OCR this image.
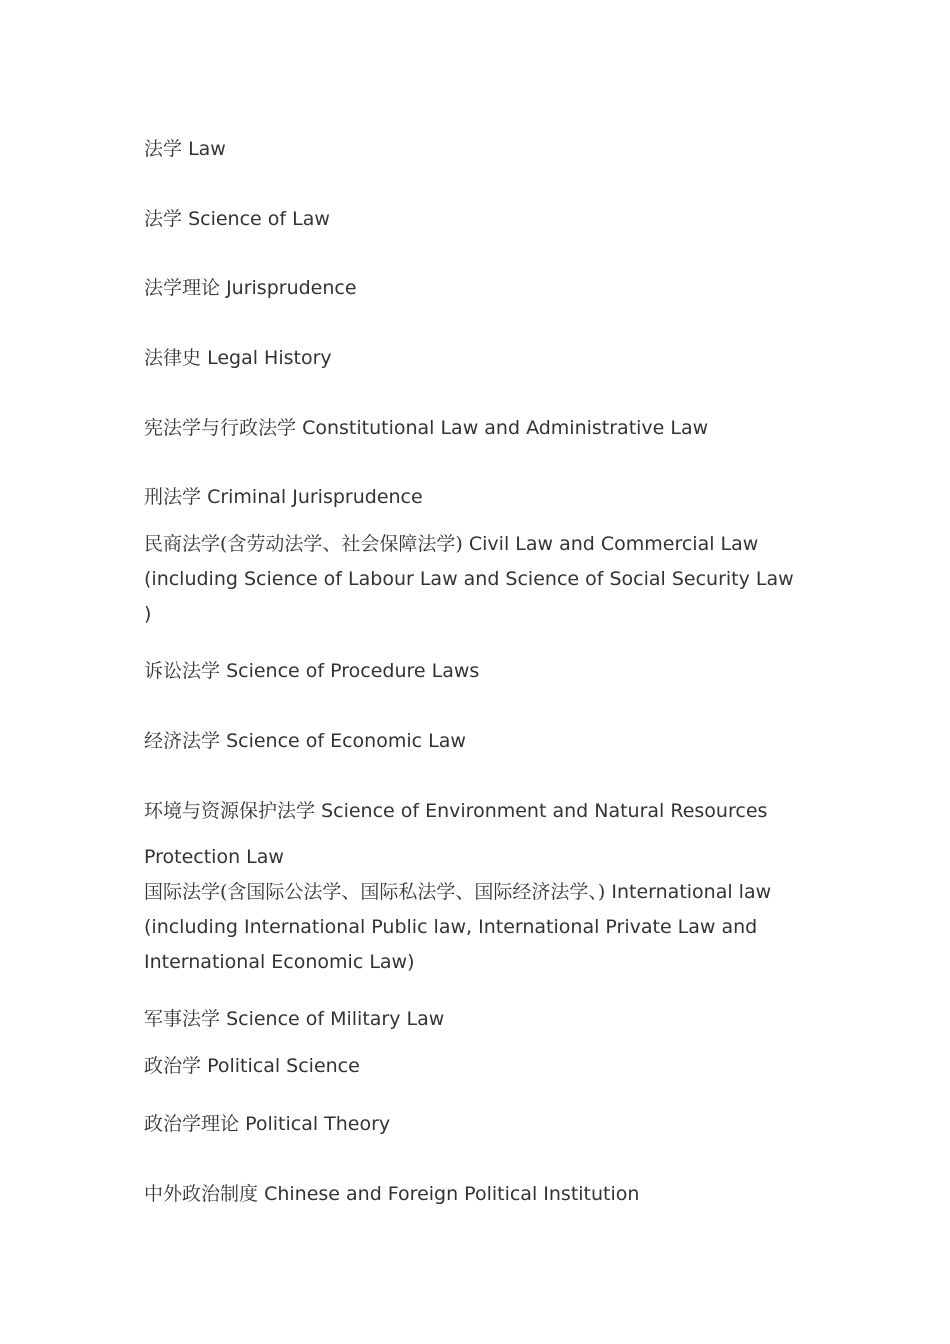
法学 Law
法学 Science of Law
法学理论 Jurisprudence
法律史 Legal History
宪法学与行政法学 Constitutional Law and Administrative Law
刑法学 Criminal Jurisprudence
民商法学(含劳动法学、社会保障法学) Civil Law and Commercial Law (including Science of Labour Law and Science of Social Security Law )
诉讼法学 Science of Procedure Laws
经济法学 Science of Economic Law
环境与资源保护法学 Science of Environment and Natural Resources
Protection Law
国际法学(含国际公法学、国际私法学、国际经济法学、) International law (including International Public law, International Private Law and International Economic Law)
军事法学 Science of Military Law
政治学 Political Science
政治学理论 Political Theory
中外政治制度 Chinese and Foreign Political Institution
